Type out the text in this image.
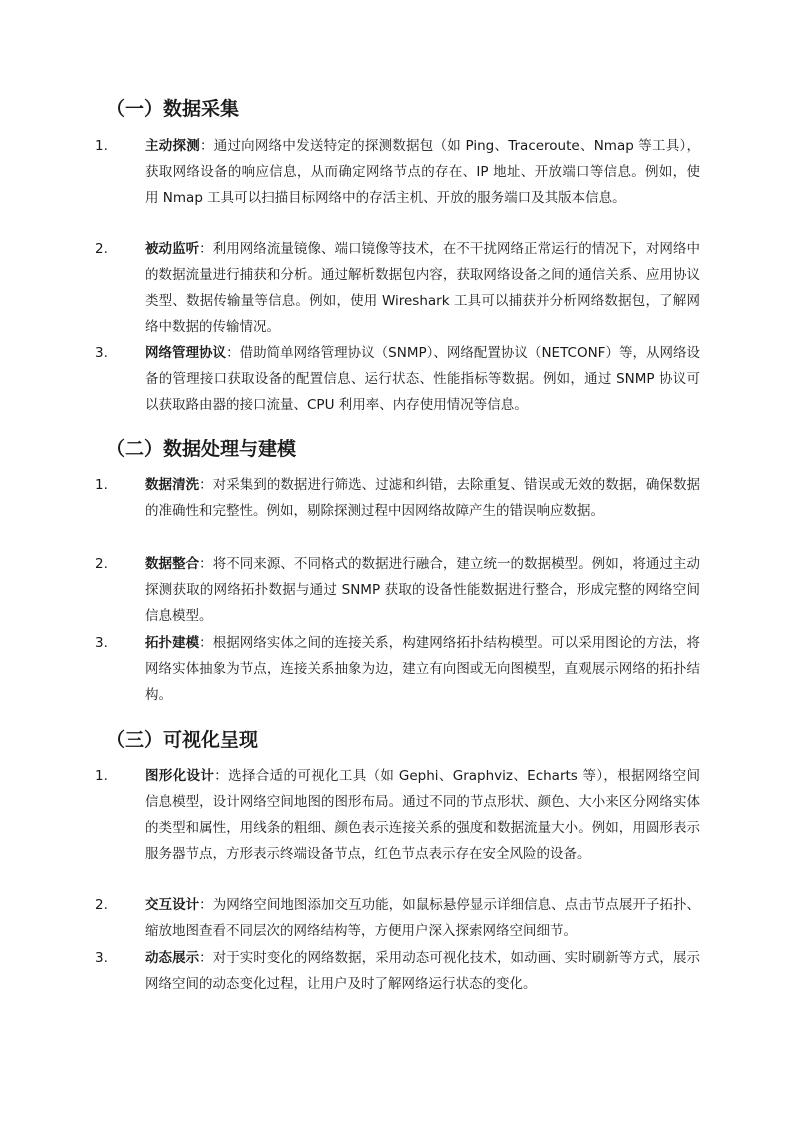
（一）数据采集
1.	主动探测：通过向网络中发送特定的探测数据包（如 Ping、Traceroute、Nmap 等工具），获取网络设备的响应信息，从而确定网络节点的存在、IP 地址、开放端口等信息。例如，使用 Nmap 工具可以扫描目标网络中的存活主机、开放的服务端口及其版本信息。
2.	被动监听：利用网络流量镜像、端口镜像等技术，在不干扰网络正常运行的情况下，对网络中的数据流量进行捕获和分析。通过解析数据包内容，获取网络设备之间的通信关系、应用协议类型、数据传输量等信息。例如，使用 Wireshark 工具可以捕获并分析网络数据包，了解网络中数据的传输情况。
3.	网络管理协议：借助简单网络管理协议（SNMP）、网络配置协议（NETCONF）等，从网络设备的管理接口获取设备的配置信息、运行状态、性能指标等数据。例如，通过 SNMP 协议可以获取路由器的接口流量、CPU 利用率、内存使用情况等信息。
（二）数据处理与建模
1.	数据清洗：对采集到的数据进行筛选、过滤和纠错，去除重复、错误或无效的数据，确保数据的准确性和完整性。例如，剔除探测过程中因网络故障产生的错误响应数据。
2.	数据整合：将不同来源、不同格式的数据进行融合，建立统一的数据模型。例如，将通过主动探测获取的网络拓扑数据与通过 SNMP 获取的设备性能数据进行整合，形成完整的网络空间信息模型。
3.	拓扑建模：根据网络实体之间的连接关系，构建网络拓扑结构模型。可以采用图论的方法，将网络实体抽象为节点，连接关系抽象为边，建立有向图或无向图模型，直观展示网络的拓扑结构。
（三）可视化呈现
1.	图形化设计：选择合适的可视化工具（如 Gephi、Graphviz、Echarts 等），根据网络空间信息模型，设计网络空间地图的图形布局。通过不同的节点形状、颜色、大小来区分网络实体的类型和属性，用线条的粗细、颜色表示连接关系的强度和数据流量大小。例如，用圆形表示服务器节点，方形表示终端设备节点，红色节点表示存在安全风险的设备。
2.	交互设计：为网络空间地图添加交互功能，如鼠标悬停显示详细信息、点击节点展开子拓扑、缩放地图查看不同层次的网络结构等，方便用户深入探索网络空间细节。
3.	动态展示：对于实时变化的网络数据，采用动态可视化技术，如动画、实时刷新等方式，展示网络空间的动态变化过程，让用户及时了解网络运行状态的变化。
